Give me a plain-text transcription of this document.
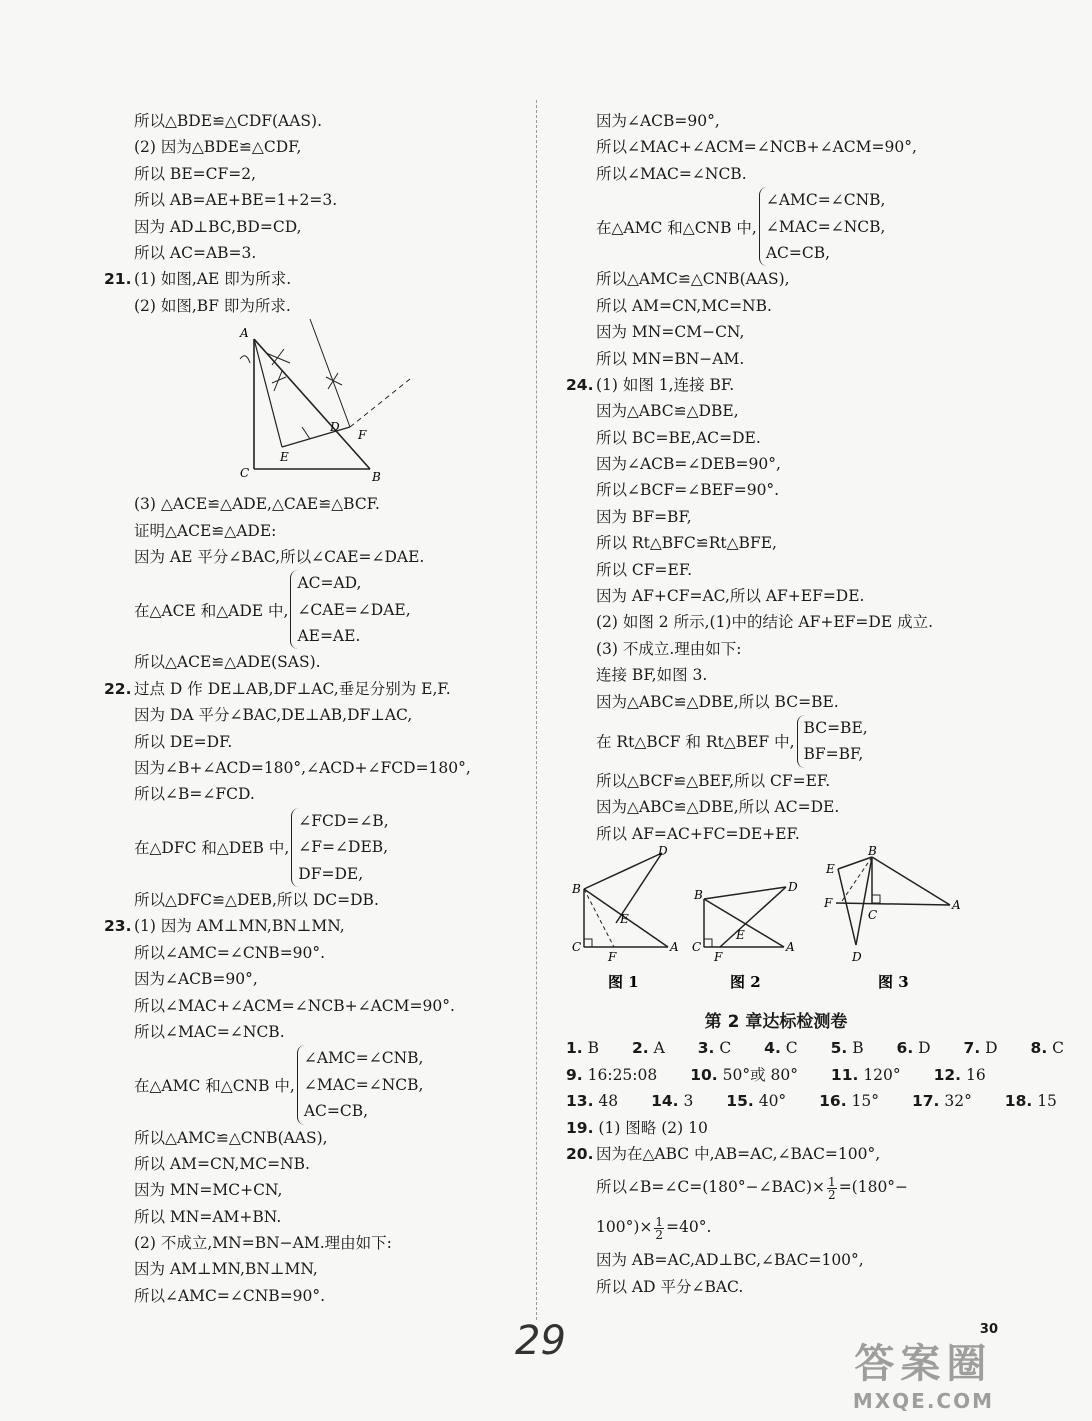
所以△BDE≌△CDF(AAS).
(2) 因为△BDE≌△CDF,
所以 BE=CF=2,
所以 AB=AE+BE=1+2=3.
因为 AD⊥BC,BD=CD,
所以 AC=AB=3.
21. (1) 如图,AE 即为所求.
(2) 如图,BF 即为所求.
A
C	B
D
E
F
(3) △ACE≌△ADE,△CAE≌△BCF.
证明△ACE≌△ADE:
因为 AE 平分∠BAC,所以∠CAE=∠DAE.
在△ACE 和△ADE 中,
AC=AD,
∠CAE=∠DAE,
AE=AE.
所以△ACE≌△ADE(SAS).
22. 过点 D 作 DE⊥AB,DF⊥AC,垂足分别为 E,F.
因为 DA 平分∠BAC,DE⊥AB,DF⊥AC,
所以 DE=DF.
因为∠B+∠ACD=180°,∠ACD+∠FCD=180°,
所以∠B=∠FCD.
在△DFC 和△DEB 中,
∠FCD=∠B,
∠F=∠DEB,
DF=DE,
所以△DFC≌△DEB,所以 DC=DB.
23. (1) 因为 AM⊥MN,BN⊥MN,
所以∠AMC=∠CNB=90°.
因为∠ACB=90°,
所以∠MAC+∠ACM=∠NCB+∠ACM=90°.
所以∠MAC=∠NCB.
在△AMC 和△CNB 中,
∠AMC=∠CNB,
∠MAC=∠NCB,
AC=CB,
所以△AMC≌△CNB(AAS),
所以 AM=CN,MC=NB.
因为 MN=MC+CN,
所以 MN=AM+BN.
(2) 不成立,MN=BN−AM.理由如下:
因为 AM⊥MN,BN⊥MN,
所以∠AMC=∠CNB=90°.
因为∠ACB=90°,
所以∠MAC+∠ACM=∠NCB+∠ACM=90°,
所以∠MAC=∠NCB.
在△AMC 和△CNB 中,
∠AMC=∠CNB,
∠MAC=∠NCB,
AC=CB,
所以△AMC≌△CNB(AAS),
所以 AM=CN,MC=NB.
因为 MN=CM−CN,
所以 MN=BN−AM.
24. (1) 如图 1,连接 BF.
因为△ABC≌△DBE,
所以 BC=BE,AC=DE.
因为∠ACB=∠DEB=90°,
所以∠BCF=∠BEF=90°.
因为 BF=BF,
所以 Rt△BFC≌Rt△BFE,
所以 CF=EF.
因为 AF+CF=AC,所以 AF+EF=DE.
(2) 如图 2 所示,(1)中的结论 AF+EF=DE 成立.
(3) 不成立.理由如下:
连接 BF,如图 3.
因为△ABC≌△DBE,所以 BC=BE.
在 Rt△BCF 和 Rt△BEF 中,
BC=BE,
BF=BF,
所以△BCF≌△BEF,所以 CF=EF.
因为△ABC≌△DBE,所以 AC=DE.
所以 AF=AC+FC=DE+EF.
D
B
E
C
F
A
图 1
D
B
E
C
F
A
图 2
B
E
F
C
A
D
图 3
第 2 章达标检测卷
1. B 2. A 3. C 4. C 5. B 6. D 7. D 8. C
9. 16:25:08 10. 50°或 80° 11. 120° 12. 16
13. 48 14. 3 15. 40° 16. 15° 17. 32° 18. 15
19. (1) 图略 (2) 10
20. 因为在△ABC 中,AB=AC,∠BAC=100°,
所以∠B=∠C=(180°−∠BAC)× $\frac{1}{2} =(180^\circ-$
$100^\circ)\times \frac{1}{2} =40^\circ$.
因为 AB=AC,AD⊥BC,∠BAC=100°,
所以 AD 平分∠BAC.
29	30
答案圈
MXQE.COM
